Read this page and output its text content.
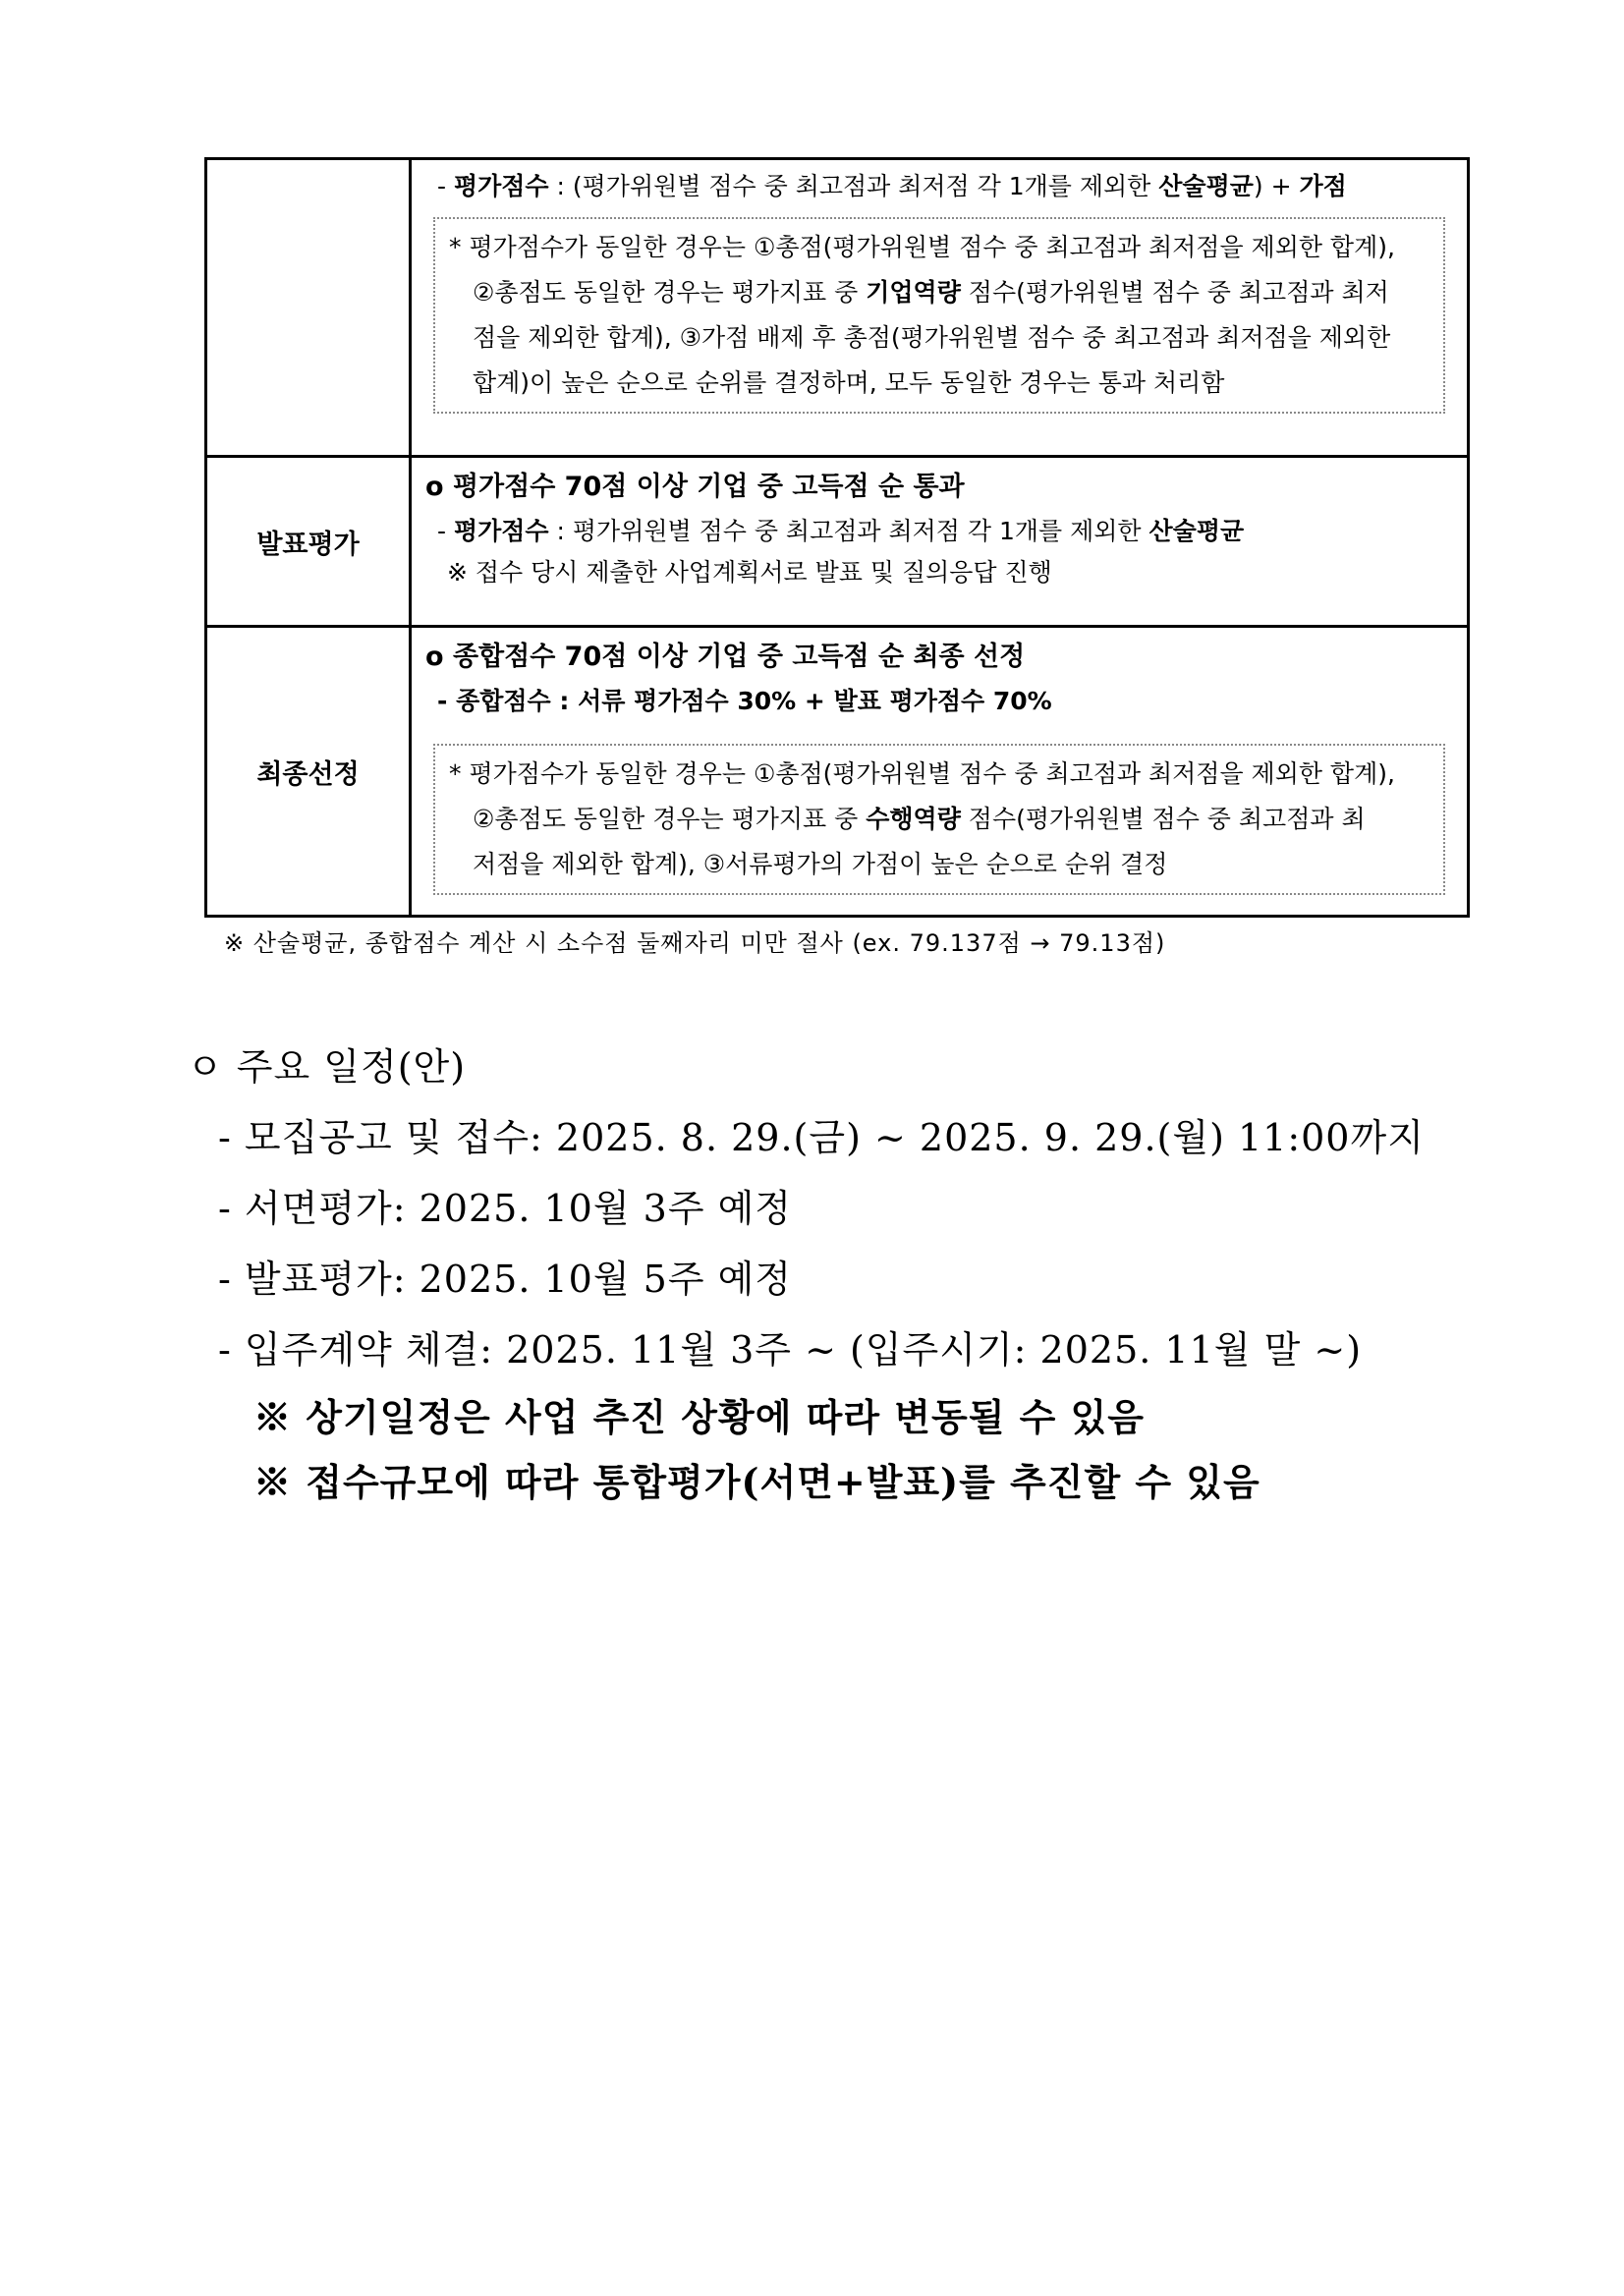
	- 평가점수 : (평가위원별 점수 중 최고점과 최저점 각 1개를 제외한 산술평균) + 가점
* 평가점수가 동일한 경우는 ①총점(평가위원별 점수 중 최고점과 최저점을 제외한 합계),
②총점도 동일한 경우는 평가지표 중 기업역량 점수(평가위원별 점수 중 최고점과 최저
점을 제외한 합계), ③가점 배제 후 총점(평가위원별 점수 중 최고점과 최저점을 제외한
합계)이 높은 순으로 순위를 결정하며, 모두 동일한 경우는 통과 처리함

발표평가	o 평가점수 70점 이상 기업 중 고득점 순 통과
- 평가점수 : 평가위원별 점수 중 최고점과 최저점 각 1개를 제외한 산술평균
※ 접수 당시 제출한 사업계획서로 발표 및 질의응답 진행

최종선정	o 종합점수 70점 이상 기업 중 고득점 순 최종 선정
- 종합점수 : 서류 평가점수 30% + 발표 평가점수 70%
* 평가점수가 동일한 경우는 ①총점(평가위원별 점수 중 최고점과 최저점을 제외한 합계),
②총점도 동일한 경우는 평가지표 중 수행역량 점수(평가위원별 점수 중 최고점과 최
저점을 제외한 합계), ③서류평가의 가점이 높은 순으로 순위 결정
※ 산술평균, 종합점수 계산 시 소수점 둘째자리 미만 절사 (ex. 79.137점 → 79.13점)
ㅇ 주요 일정(안)
- 모집공고 및 접수: 2025. 8. 29.(금) ~ 2025. 9. 29.(월) 11:00까지
- 서면평가: 2025. 10월 3주 예정
- 발표평가: 2025. 10월 5주 예정
- 입주계약 체결: 2025. 11월 3주 ~ (입주시기: 2025. 11월 말 ~)
※ 상기일정은 사업 추진 상황에 따라 변동될 수 있음
※ 접수규모에 따라 통합평가(서면+발표)를 추진할 수 있음
